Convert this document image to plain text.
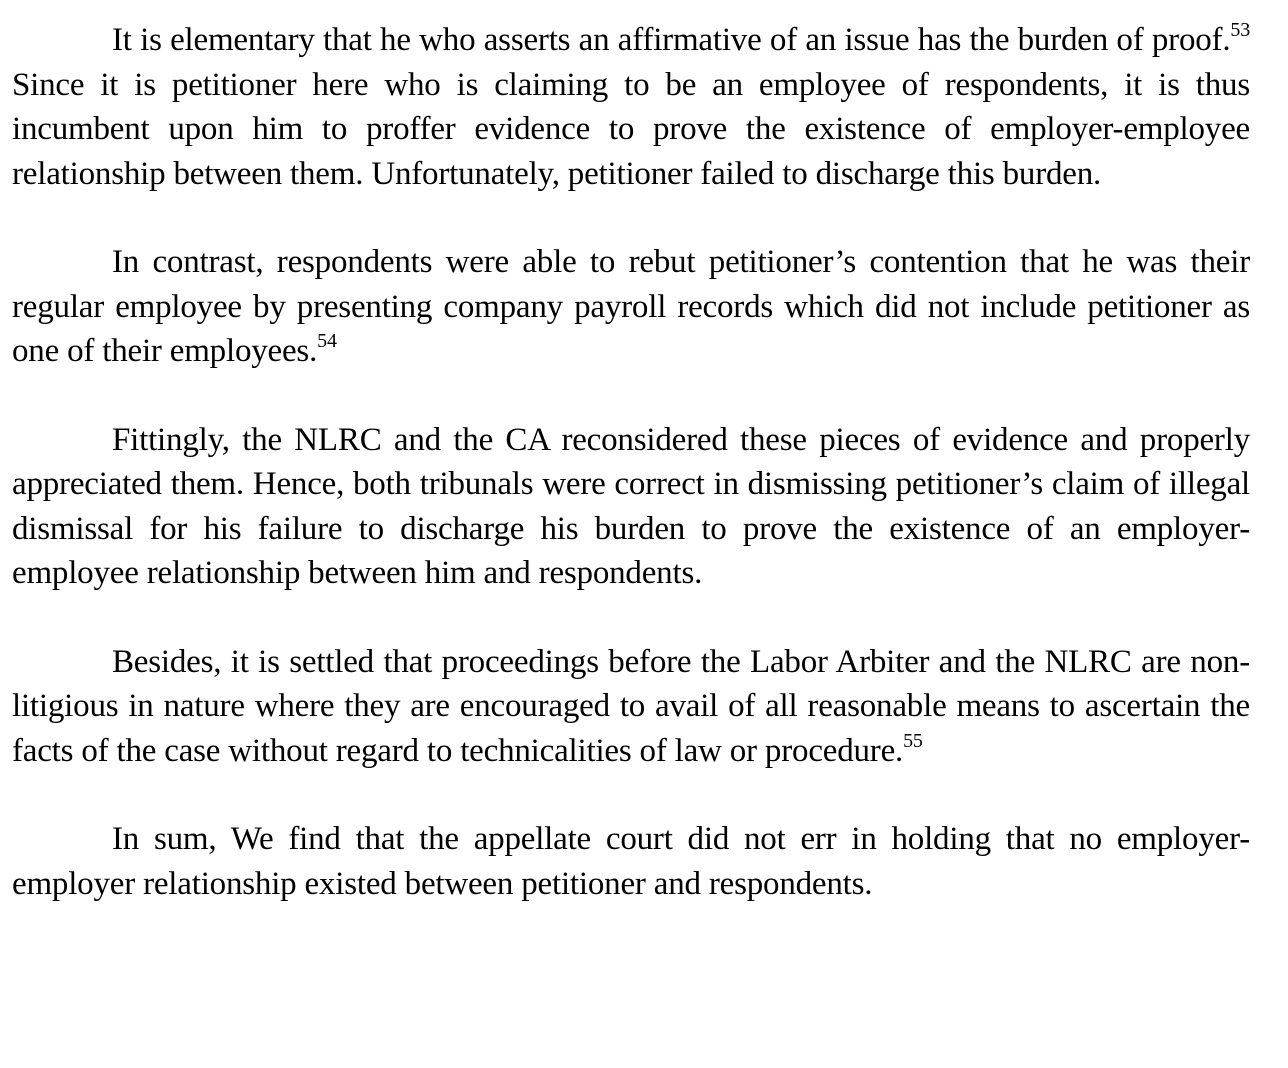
It is elementary that he who asserts an affirmative of an issue has the burden of proof.$^{53}$ Since it is petitioner here who is claiming to be an employee of respondents, it is thus incumbent upon him to proffer evidence to prove the existence of employer-employee relationship between them. Unfortunately, petitioner failed to discharge this burden.

In contrast, respondents were able to rebut petitioner’s contention that he was their regular employee by presenting company payroll records which did not include petitioner as one of their employees.$^{54}$

Fittingly, the NLRC and the CA reconsidered these pieces of evidence and properly appreciated them. Hence, both tribunals were correct in dismissing petitioner’s claim of illegal dismissal for his failure to discharge his burden to prove the existence of an employer-employee relationship between him and respondents.

Besides, it is settled that proceedings before the Labor Arbiter and the NLRC are non-litigious in nature where they are encouraged to avail of all reasonable means to ascertain the facts of the case without regard to technicalities of law or procedure.$^{55}$

In sum, We find that the appellate court did not err in holding that no employer-employer relationship existed between petitioner and respondents.
